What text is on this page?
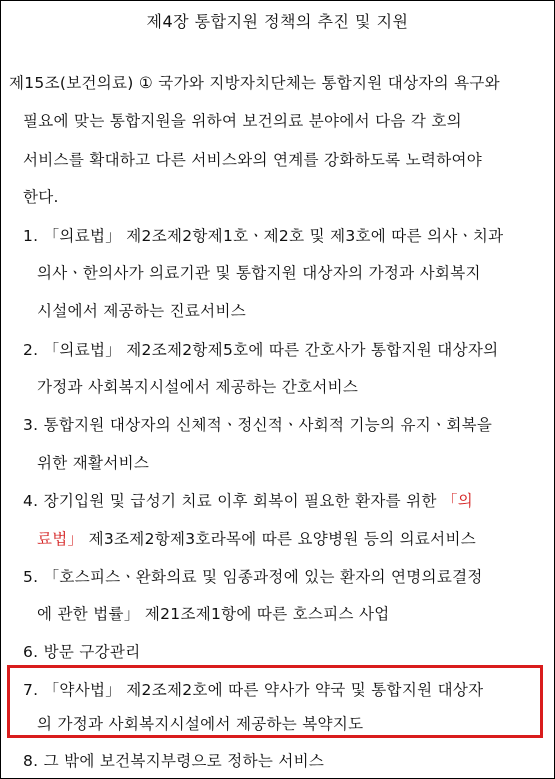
제4장 통합지원 정책의 추진 및 지원
제15조(보건의료) ① 국가와 지방자치단체는 통합지원 대상자의 욕구와
필요에 맞는 통합지원을 위하여 보건의료 분야에서 다음 각 호의
서비스를 확대하고 다른 서비스와의 연계를 강화하도록 노력하여야
한다.
1. 「의료법」 제2조제2항제1호ㆍ제2호 및 제3호에 따른 의사ㆍ치과
의사ㆍ한의사가 의료기관 및 통합지원 대상자의 가정과 사회복지
시설에서 제공하는 진료서비스
2. 「의료법」 제2조제2항제5호에 따른 간호사가 통합지원 대상자의
가정과 사회복지시설에서 제공하는 간호서비스
3. 통합지원 대상자의 신체적ㆍ정신적ㆍ사회적 기능의 유지ㆍ회복을
위한 재활서비스
4. 장기입원 및 급성기 치료 이후 회복이 필요한 환자를 위한 「의
료법」 제3조제2항제3호라목에 따른 요양병원 등의 의료서비스
5. 「호스피스ㆍ완화의료 및 임종과정에 있는 환자의 연명의료결정
에 관한 법률」 제21조제1항에 따른 호스피스 사업
6. 방문 구강관리
7. 「약사법」 제2조제2호에 따른 약사가 약국 및 통합지원 대상자
의 가정과 사회복지시설에서 제공하는 복약지도
8. 그 밖에 보건복지부령으로 정하는 서비스
